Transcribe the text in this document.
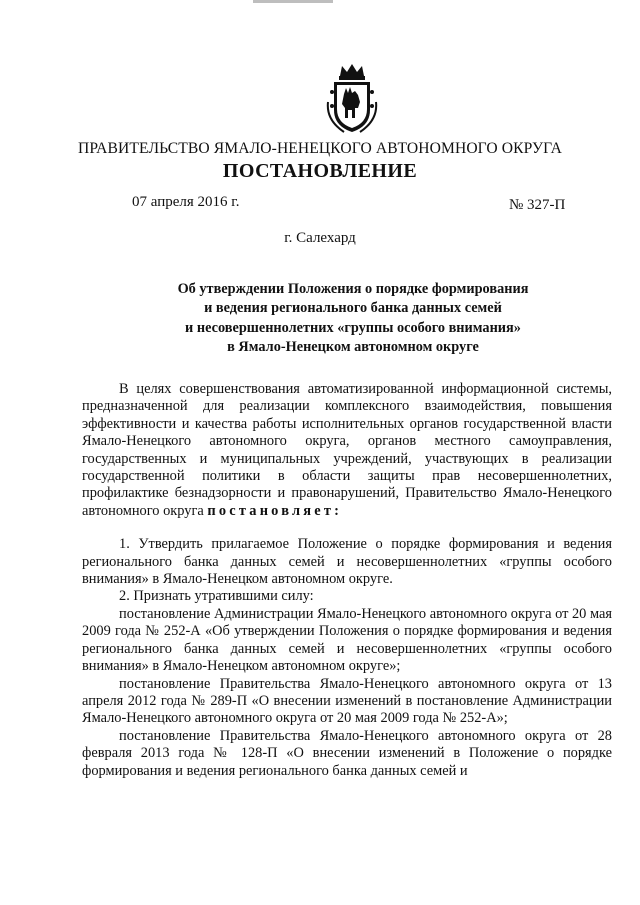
ПРАВИТЕЛЬСТВО ЯМАЛО-НЕНЕЦКОГО АВТОНОМНОГО ОКРУГА
ПОСТАНОВЛЕНИЕ
07 апреля 2016 г.	№ 327-П
г. Салехард
Об утверждении Положения о порядке формирования
и ведения регионального банка данных семей
и несовершеннолетних «группы особого внимания»
в Ямало-Ненецком автономном округе

В целях совершенствования автоматизированной информационной системы, предназначенной для реализации комплексного взаимодействия, повышения эффективности и качества работы исполнительных органов государственной власти Ямало-Ненецкого автономного округа, органов местного самоуправления, государственных и муниципальных учреждений, участвующих в реализации государственной политики в области защиты прав несовершеннолетних, профилактике безнадзорности и правонарушений, Правительство Ямало-Ненецкого автономного округа постановляет:

1. Утвердить прилагаемое Положение о порядке формирования и ведения регионального банка данных семей и несовершеннолетних «группы особого внимания» в Ямало-Ненецком автономном округе.

2. Признать утратившими силу:

постановление Администрации Ямало-Ненецкого автономного округа от 20 мая 2009 года № 252-А «Об утверждении Положения о порядке формирования и ведения регионального банка данных семей и несовершеннолетних «группы особого внимания» в Ямало-Ненецком автономном округе»;

постановление Правительства Ямало-Ненецкого автономного округа от 13 апреля 2012 года № 289-П «О внесении изменений в постановление Администрации Ямало-Ненецкого автономного округа от 20 мая 2009 года № 252-А»;

постановление Правительства Ямало-Ненецкого автономного округа от 28 февраля 2013 года № 128-П «О внесении изменений в Положение о порядке формирования и ведения регионального банка данных семей и
